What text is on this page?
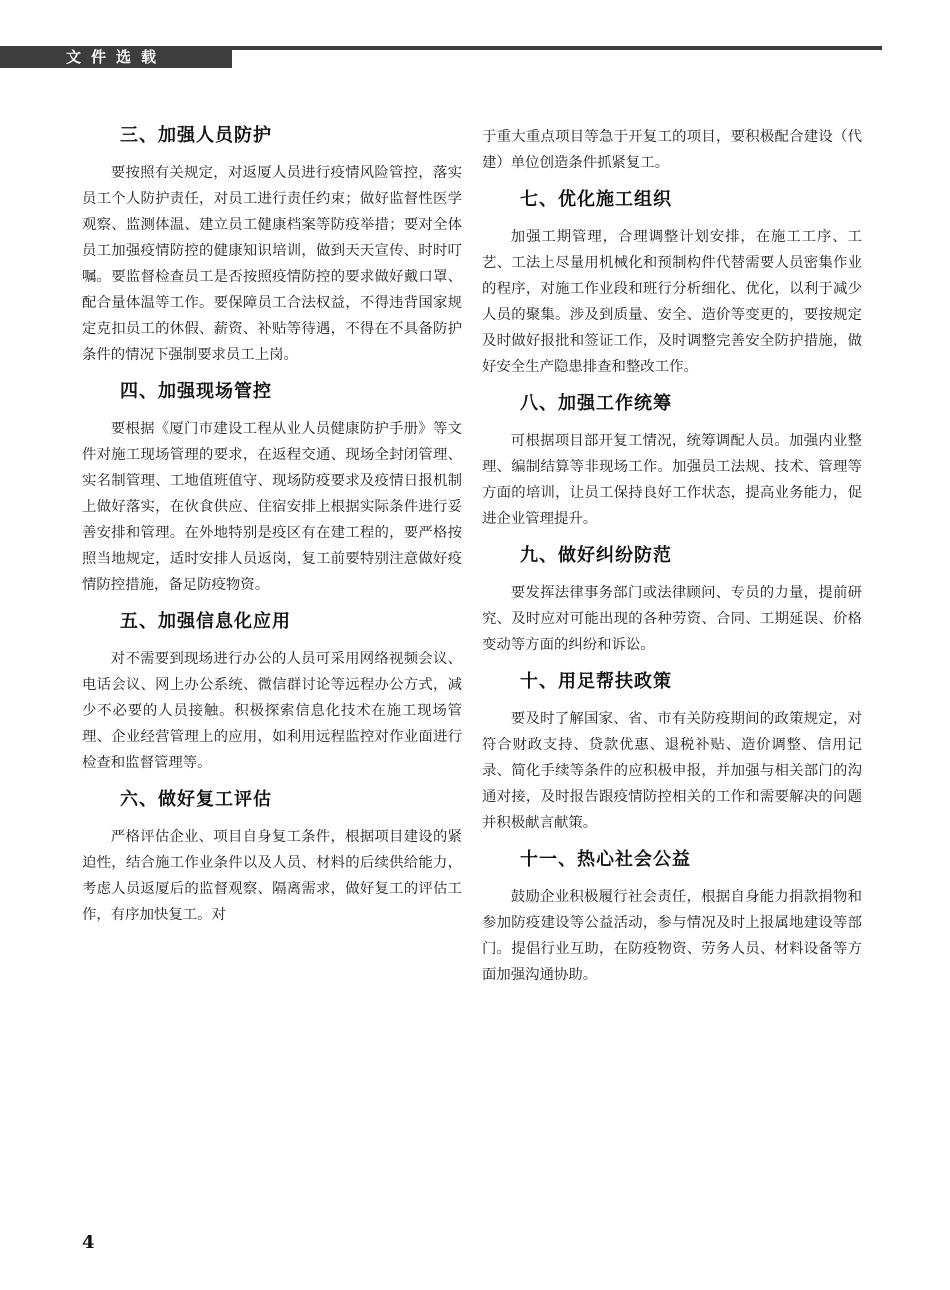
文件选载
三、加强人员防护

要按照有关规定，对返厦人员进行疫情风险管控，落实员工个人防护责任，对员工进行责任约束；做好监督性医学观察、监测体温、建立员工健康档案等防疫举措；要对全体员工加强疫情防控的健康知识培训，做到天天宣传、时时叮嘱。要监督检查员工是否按照疫情防控的要求做好戴口罩、配合量体温等工作。要保障员工合法权益，不得违背国家规定克扣员工的休假、薪资、补贴等待遇，不得在不具备防护条件的情况下强制要求员工上岗。

四、加强现场管控

要根据《厦门市建设工程从业人员健康防护手册》等文件对施工现场管理的要求，在返程交通、现场全封闭管理、实名制管理、工地值班值守、现场防疫要求及疫情日报机制上做好落实，在伙食供应、住宿安排上根据实际条件进行妥善安排和管理。在外地特别是疫区有在建工程的，要严格按照当地规定，适时安排人员返岗，复工前要特别注意做好疫情防控措施，备足防疫物资。

五、加强信息化应用

对不需要到现场进行办公的人员可采用网络视频会议、电话会议、网上办公系统、微信群讨论等远程办公方式，减少不必要的人员接触。积极探索信息化技术在施工现场管理、企业经营管理上的应用，如利用远程监控对作业面进行检查和监督管理等。

六、做好复工评估

严格评估企业、项目自身复工条件，根据项目建设的紧迫性，结合施工作业条件以及人员、材料的后续供给能力，考虑人员返厦后的监督观察、隔离需求，做好复工的评估工作，有序加快复工。对

于重大重点项目等急于开复工的项目，要积极配合建设（代建）单位创造条件抓紧复工。

七、优化施工组织

加强工期管理，合理调整计划安排，在施工工序、工艺、工法上尽量用机械化和预制构件代替需要人员密集作业的程序，对施工作业段和班行分析细化、优化，以利于减少人员的聚集。涉及到质量、安全、造价等变更的，要按规定及时做好报批和签证工作，及时调整完善安全防护措施，做好安全生产隐患排查和整改工作。

八、加强工作统筹

可根据项目部开复工情况，统筹调配人员。加强内业整理、编制结算等非现场工作。加强员工法规、技术、管理等方面的培训，让员工保持良好工作状态，提高业务能力，促进企业管理提升。

九、做好纠纷防范

要发挥法律事务部门或法律顾问、专员的力量，提前研究、及时应对可能出现的各种劳资、合同、工期延误、价格变动等方面的纠纷和诉讼。

十、用足帮扶政策

要及时了解国家、省、市有关防疫期间的政策规定，对符合财政支持、贷款优惠、退税补贴、造价调整、信用记录、简化手续等条件的应积极申报，并加强与相关部门的沟通对接，及时报告跟疫情防控相关的工作和需要解决的问题并积极献言献策。

十一、热心社会公益

鼓励企业积极履行社会责任，根据自身能力捐款捐物和参加防疫建设等公益活动，参与情况及时上报属地建设等部门。提倡行业互助，在防疫物资、劳务人员、材料设备等方面加强沟通协助。

4
